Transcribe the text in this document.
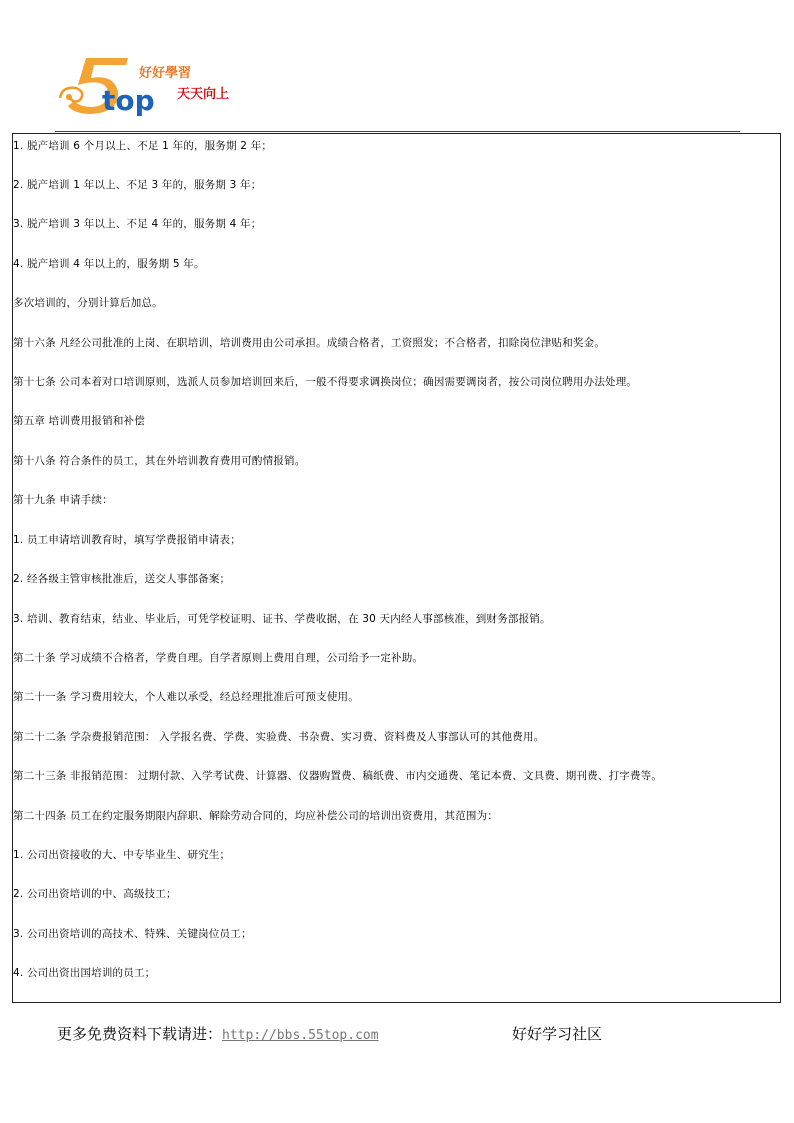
top
好好學習
天天向上
1. 脱产培训 6 个月以上、不足 1 年的，服务期 2 年；
2. 脱产培训 1 年以上、不足 3 年的，服务期 3 年；
3. 脱产培训 3 年以上、不足 4 年的，服务期 4 年；
4. 脱产培训 4 年以上的，服务期 5 年。
多次培训的，分别计算后加总。
第十六条 凡经公司批准的上岗、在职培训，培训费用由公司承担。成绩合格者，工资照发；不合格者，扣除岗位津贴和奖金。
第十七条 公司本着对口培训原则，选派人员参加培训回来后，一般不得要求调换岗位；确因需要调岗者，按公司岗位聘用办法处理。
第五章 培训费用报销和补偿
第十八条 符合条件的员工，其在外培训教育费用可酌情报销。
第十九条 申请手续：
1. 员工申请培训教育时，填写学费报销申请表；
2. 经各级主管审核批准后，送交人事部备案；
3. 培训、教育结束，结业、毕业后，可凭学校证明、证书、学费收据，在 30 天内经人事部核准，到财务部报销。
第二十条 学习成绩不合格者，学费自理。自学者原则上费用自理，公司给予一定补助。
第二十一条 学习费用较大，个人难以承受，经总经理批准后可预支使用。
第二十二条 学杂费报销范围： 入学报名费、学费、实验费、书杂费、实习费、资料费及人事部认可的其他费用。
第二十三条 非报销范围： 过期付款、入学考试费、计算器、仪器购置费、稿纸费、市内交通费、笔记本费、文具费、期刊费、打字费等。
第二十四条 员工在约定服务期限内辞职、解除劳动合同的，均应补偿公司的培训出资费用，其范围为：
1. 公司出资接收的大、中专毕业生、研究生；
2. 公司出资培训的中、高级技工；
3. 公司出资培训的高技术、特殊、关键岗位员工；
4. 公司出资出国培训的员工；
更多免费资料下载请进：http://bbs.55top.com	好好学习社区
